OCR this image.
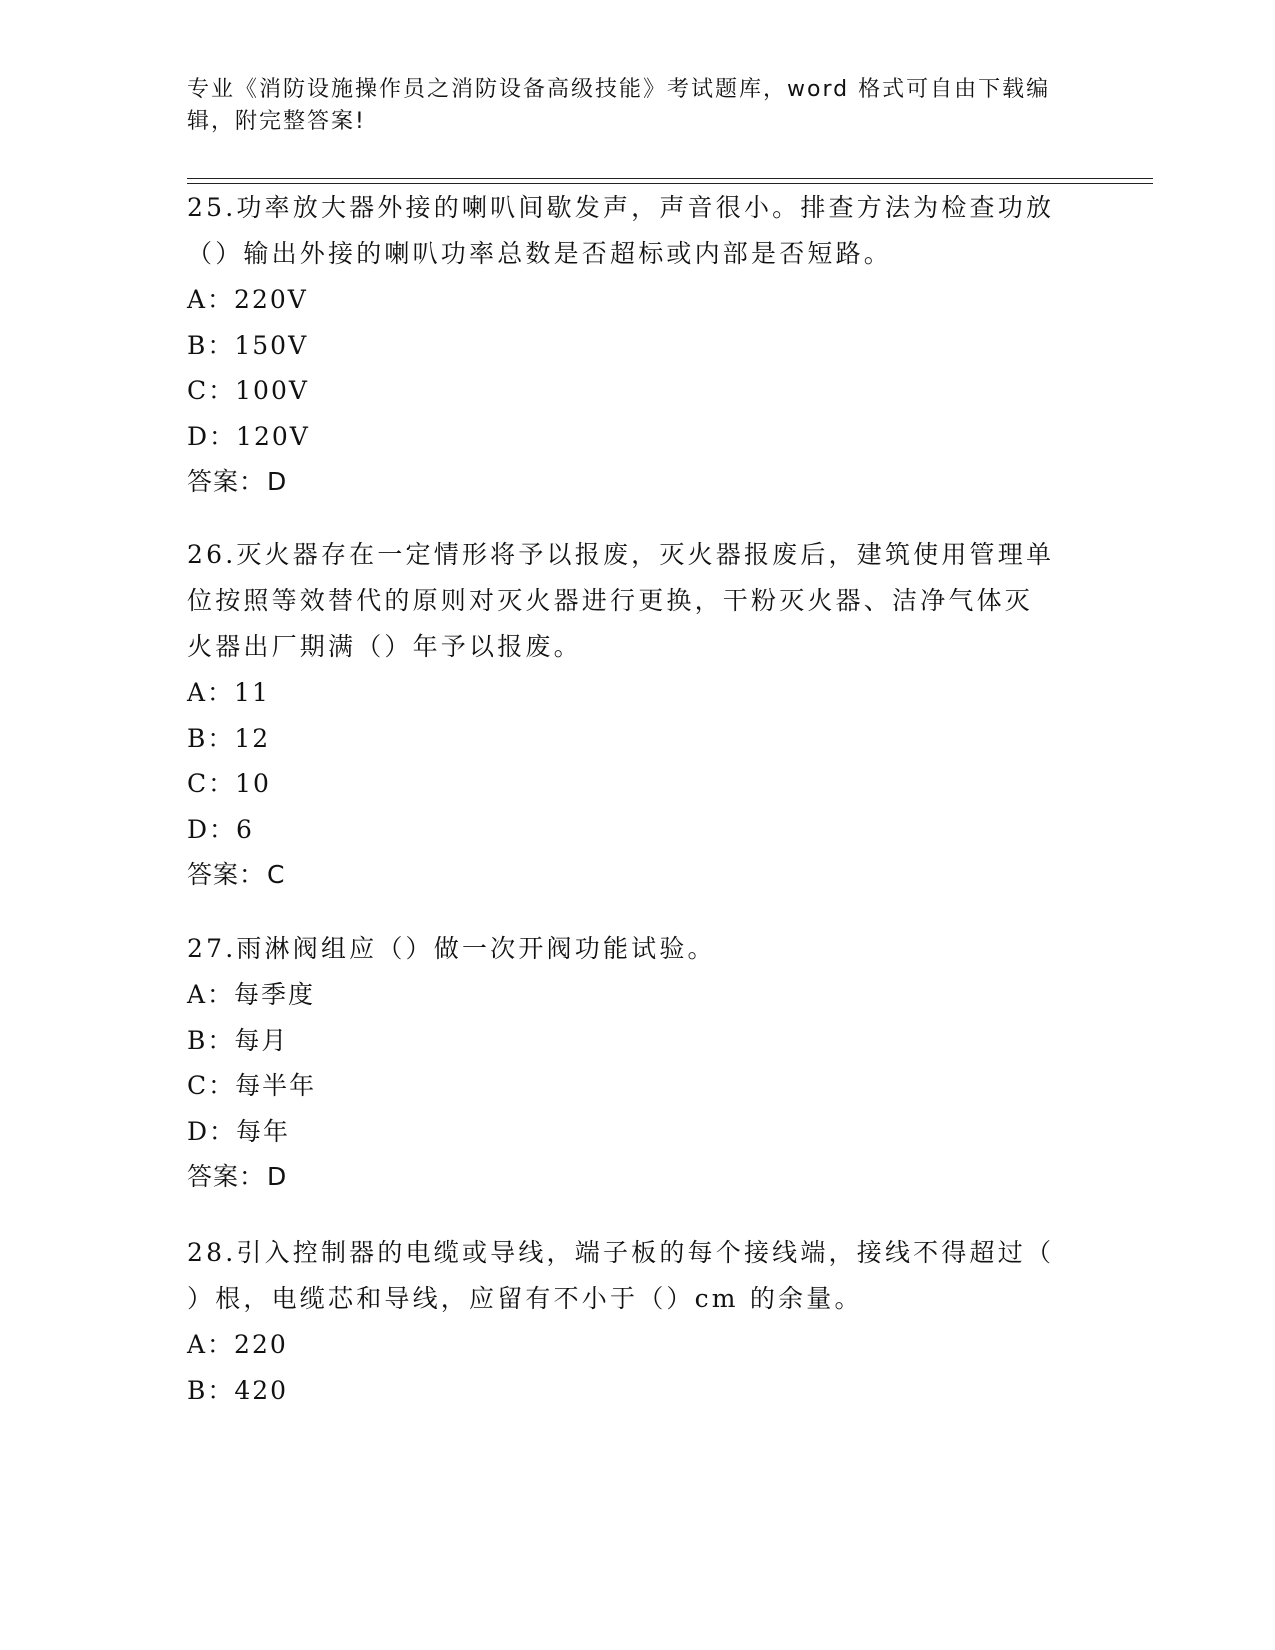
专业《消防设施操作员之消防设备高级技能》考试题库，word 格式可自由下载编
辑，附完整答案!

25.功率放大器外接的喇叭间歇发声，声音很小。排查方法为检查功放

（）输出外接的喇叭功率总数是否超标或内部是否短路。

A：220V

B：150V

C：100V

D：120V

答案：D

26.灭火器存在一定情形将予以报废，灭火器报废后，建筑使用管理单

位按照等效替代的原则对灭火器进行更换，干粉灭火器、洁净气体灭

火器出厂期满（）年予以报废。

A：11

B：12

C：10

D：6

答案：C

27.雨淋阀组应（）做一次开阀功能试验。

A：每季度

B：每月

C：每半年

D：每年

答案：D

28.引入控制器的电缆或导线，端子板的每个接线端，接线不得超过（

）根，电缆芯和导线，应留有不小于（）cm 的余量。

A：220

B：420
